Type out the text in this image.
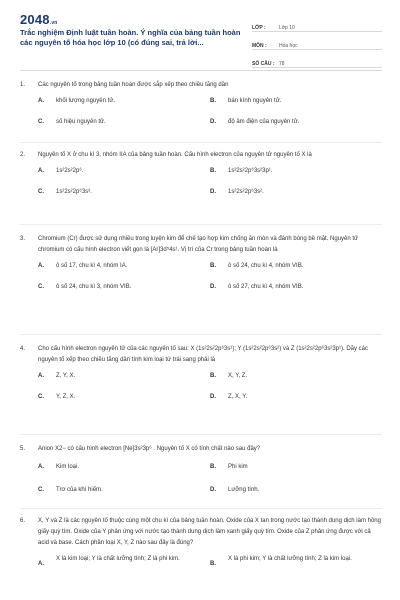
2048.vn
Trắc nghiệm Định luật tuần hoàn. Ý nghĩa của bảng tuần hoàn các nguyên tố hóa học lớp 10 (có đúng sai, trả lời...
LỚP :	Lớp 10
MÔN :	Hóa học
SỐ CÂU : 78
1. Các nguyên tố trong bảng tuần hoàn được sắp xếp theo chiều tăng dần
A. khối lượng nguyên tử.	B. bán kính nguyên tử.
C. số hiệu nguyên tử.	D. độ âm điện của nguyên tử.
2. Nguyên tố X ở chu kì 3, nhóm IIA của bảng tuần hoàn. Cấu hình electron của nguyên tử nguyên tố X là
A. 1s²2s²2p⁶.	B. 1s²2s²2p⁶3s²3p¹.
C. 1s²2s²2p⁶3s³.	D. 1s²2s²2p⁶3s².
3. Chromium (Cr) được sử dụng nhiều trong luyện kim để chế tạo hợp kim chống ăn mòn và đánh bóng bề mặt. Nguyên tử chromium có cấu hình electron viết gọn là [Ar]3d⁵4s¹. Vị trí của Cr trong bảng tuần hoàn là
A. ô số 17, chu kì 4, nhóm IA.	B. ô số 24, chu kì 4, nhóm VIB.
C. ô số 24, chu kì 3, nhóm VIB.	D. ô số 27, chu kì 4, nhóm VIB.
4. Cho cấu hình electron nguyên tử của các nguyên tố sau: X (1s²2s²2p⁶3s¹); Y (1s²2s²2p⁶3s²) và Z (1s²2s²2p⁶3s²3p¹). Dãy các nguyên tố xếp theo chiều tăng dần tính kim loại từ trái sang phải là
A. Z, Y, X.	B. X, Y, Z.
C. Y, Z, X.	D. Z, X, Y.
5. Anion X2− có cấu hình electron [Ne]3s²3p⁶ . Nguyên tố X có tính chất nào sau đây?
A. Kim loại.	B. Phi kim
C. Trơ của khí hiếm.	D. Lưỡng tính.
6. X, Y và Z là các nguyên tố thuộc cùng một chu kì của bảng tuần hoàn. Oxide của X tan trong nước tạo thành dung dịch làm hồng giấy quỳ tím. Oxide của Y phản ứng với nước tạo thành dung dịch làm xanh giấy quỳ tím. Oxide của Z phản ứng được với cả acid và base. Cách phân loại X, Y, Z nào sau đây là đúng?
A.
X là kim loại; Y là chất lưỡng tính; Z là phi kim.
B.
X là phi kim; Y là chất lưỡng tính; Z là kim loại.
